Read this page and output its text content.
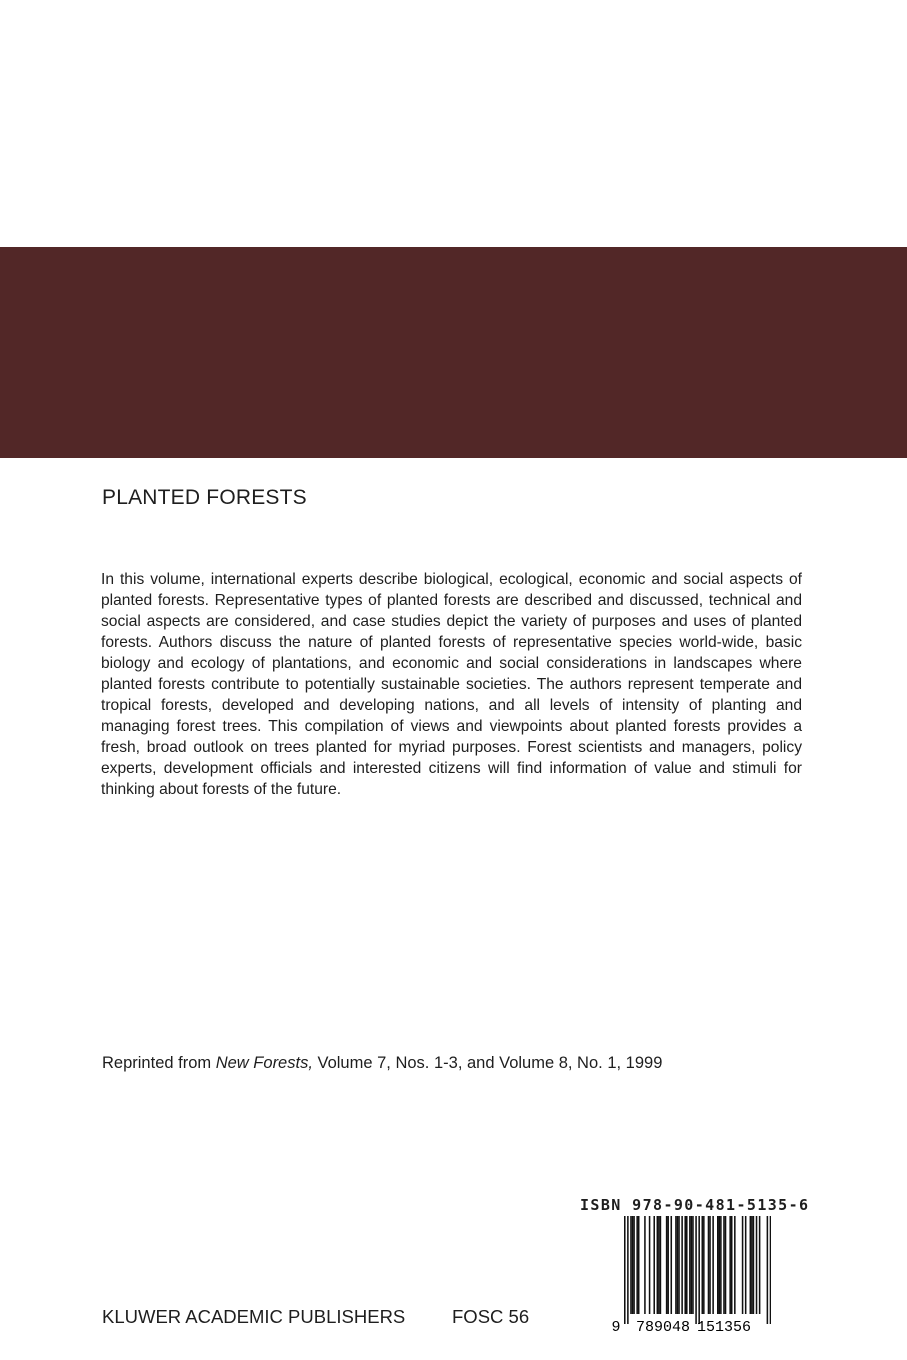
PLANTED FORESTS

In this volume, international experts describe biological, ecological, economic and social aspects of planted forests. Representative types of planted forests are described and discussed, technical and social aspects are considered, and case studies depict the variety of purposes and uses of planted forests. Authors discuss the nature of planted forests of representative species world-wide, basic biology and ecology of plantations, and economic and social considerations in landscapes where planted forests contribute to potentially sustainable societies. The authors represent temperate and tropical forests, developed and developing nations, and all levels of intensity of planting and managing forest trees. This compilation of views and viewpoints about planted forests provides a fresh, broad outlook on trees planted for myriad purposes. Forest scientists and managers, policy experts, development officials and interested citizens will find information of value and stimuli for thinking about forests of the future.

Reprinted from New Forests, Volume 7, Nos. 1-3, and Volume 8, No. 1, 1999
ISBN 978-90-481-5135-6
9 789048 151356
KLUWER ACADEMIC PUBLISHERS	FOSC 56
